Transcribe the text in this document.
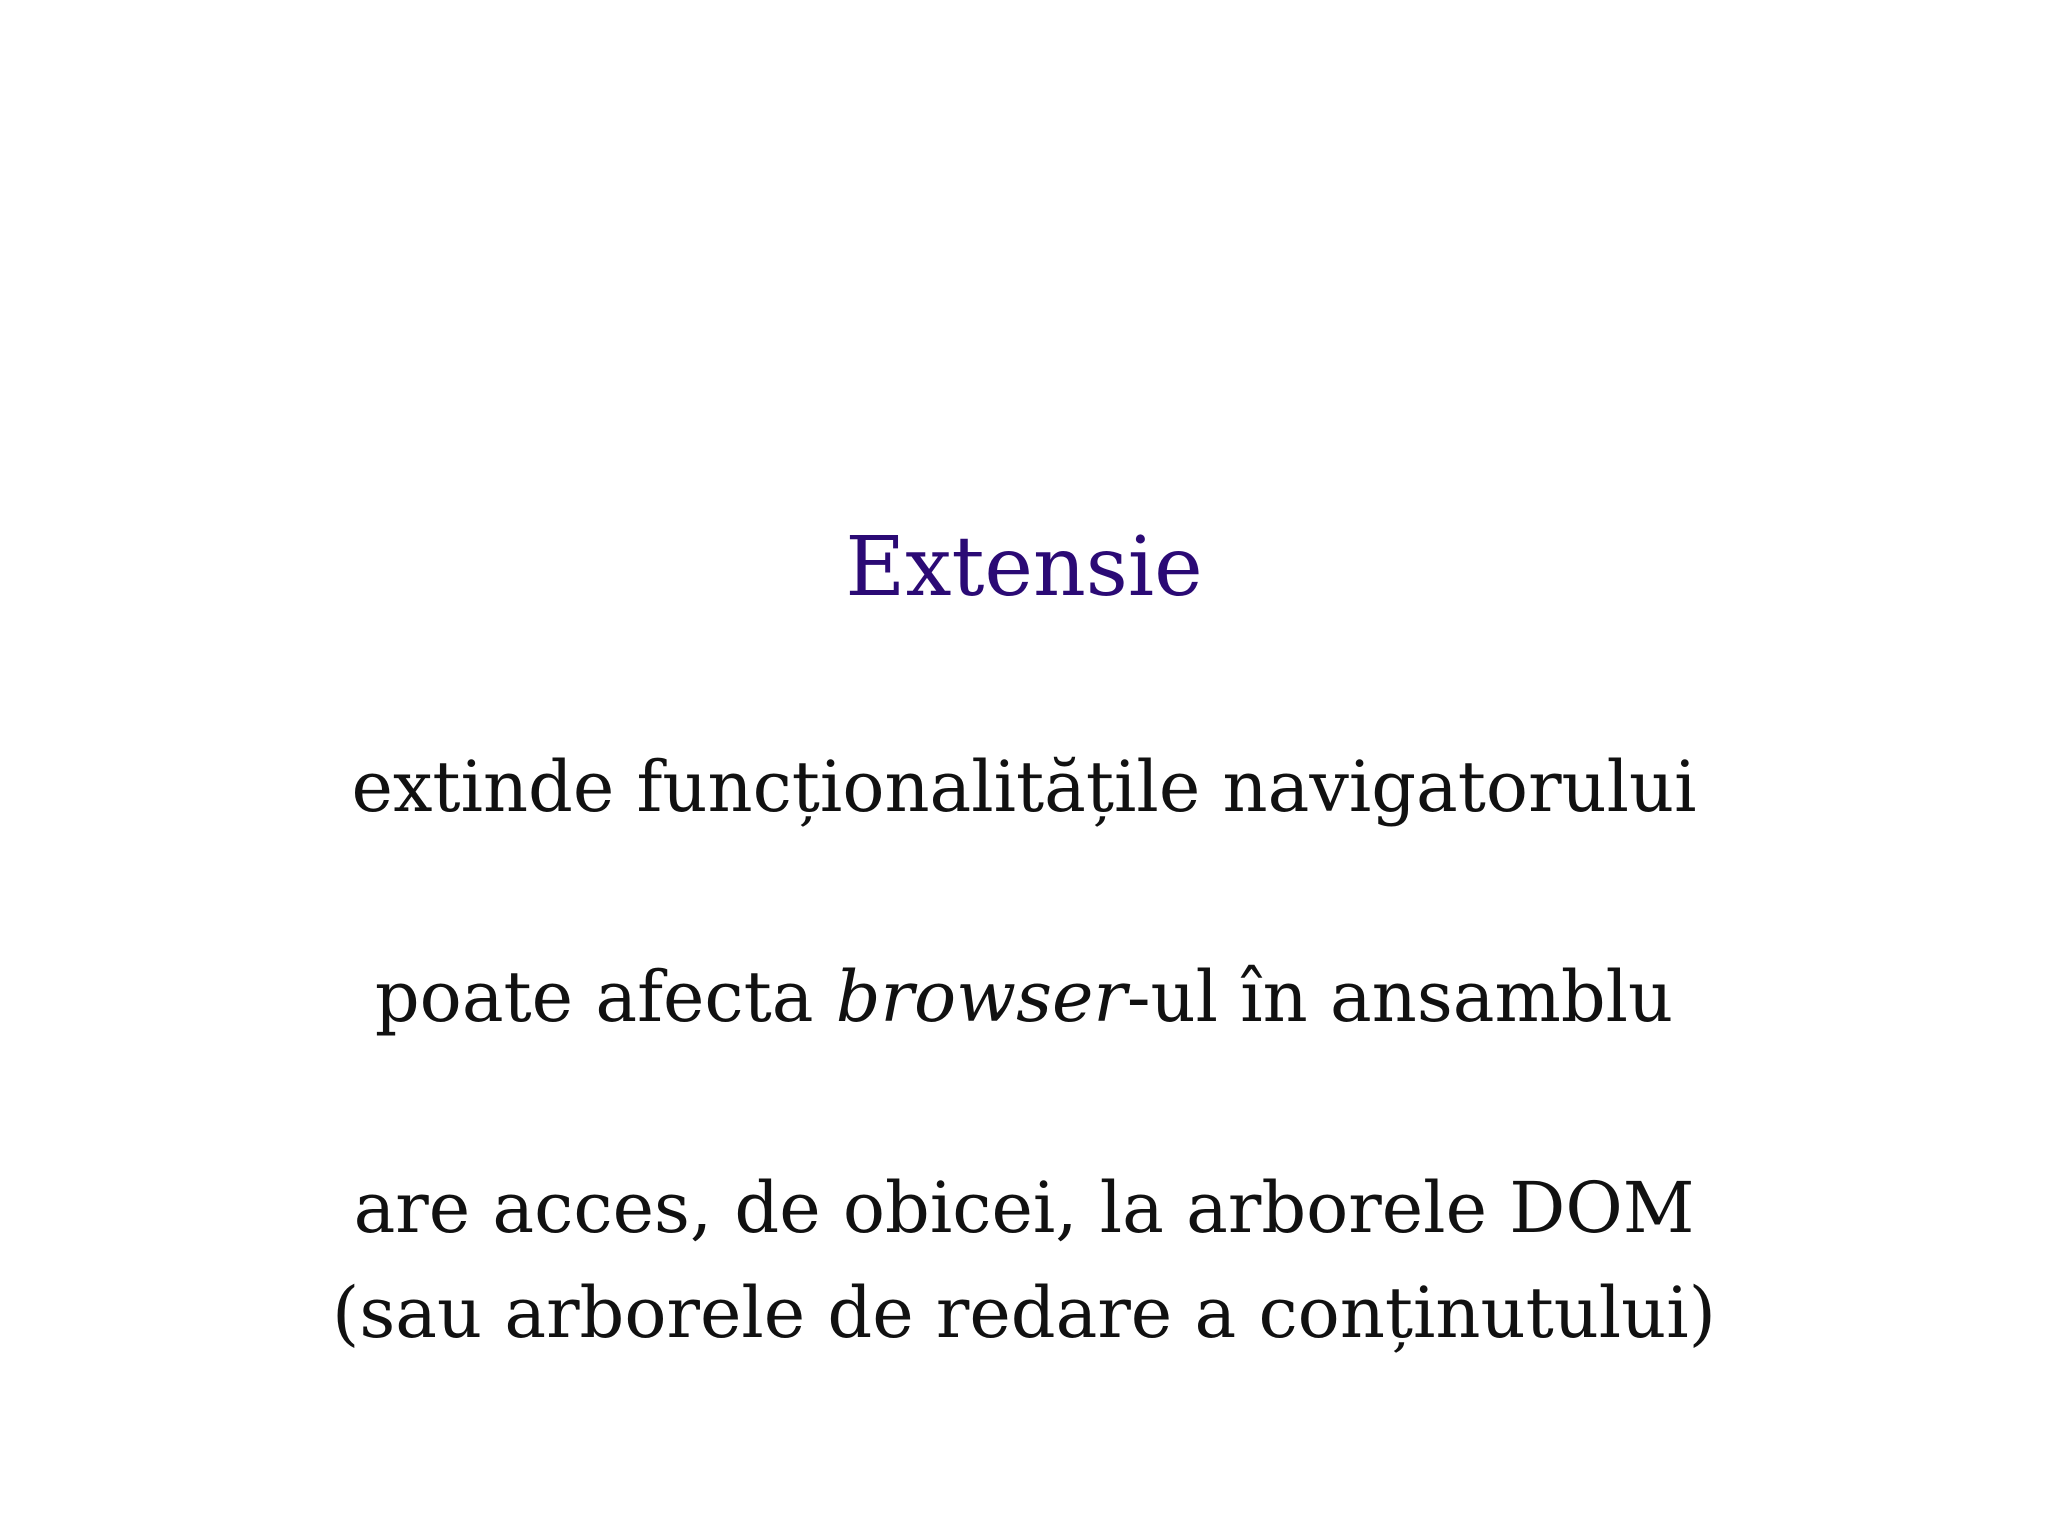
Extensie

extinde funcționalitățile navigatorului

poate afecta browser-ul în ansamblu

are acces, de obicei, la arborele DOM

(sau arborele de redare a conținutului)
